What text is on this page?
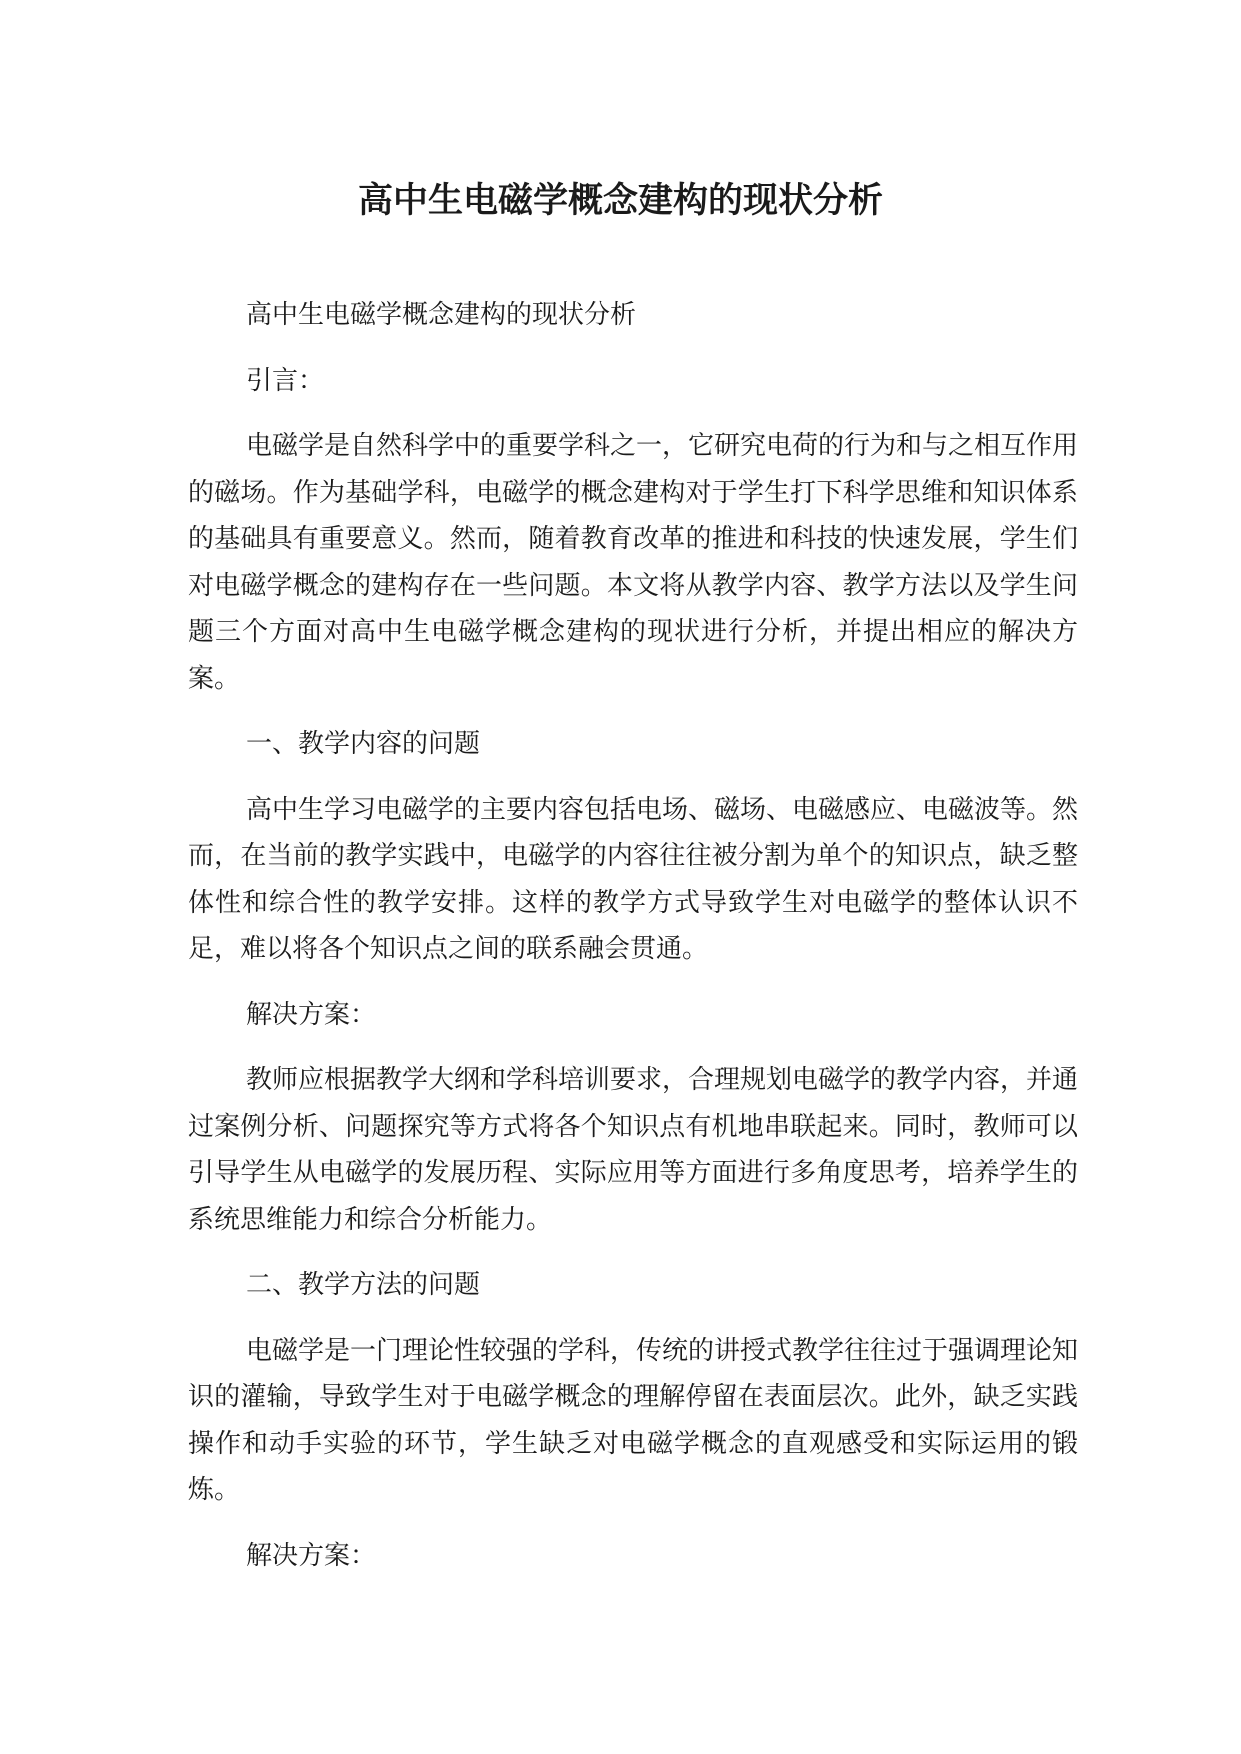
高中生电磁学概念建构的现状分析

高中生电磁学概念建构的现状分析

引言：

电磁学是自然科学中的重要学科之一，它研究电荷的行为和与之相互作用的磁场。作为基础学科，电磁学的概念建构对于学生打下科学思维和知识体系的基础具有重要意义。然而，随着教育改革的推进和科技的快速发展，学生们对电磁学概念的建构存在一些问题。本文将从教学内容、教学方法以及学生问题三个方面对高中生电磁学概念建构的现状进行分析，并提出相应的解决方案。

一、教学内容的问题

高中生学习电磁学的主要内容包括电场、磁场、电磁感应、电磁波等。然而，在当前的教学实践中，电磁学的内容往往被分割为单个的知识点，缺乏整体性和综合性的教学安排。这样的教学方式导致学生对电磁学的整体认识不足，难以将各个知识点之间的联系融会贯通。

解决方案：

教师应根据教学大纲和学科培训要求，合理规划电磁学的教学内容，并通过案例分析、问题探究等方式将各个知识点有机地串联起来。同时，教师可以引导学生从电磁学的发展历程、实际应用等方面进行多角度思考，培养学生的系统思维能力和综合分析能力。

二、教学方法的问题

电磁学是一门理论性较强的学科，传统的讲授式教学往往过于强调理论知识的灌输，导致学生对于电磁学概念的理解停留在表面层次。此外，缺乏实践操作和动手实验的环节，学生缺乏对电磁学概念的直观感受和实际运用的锻炼。

解决方案：
